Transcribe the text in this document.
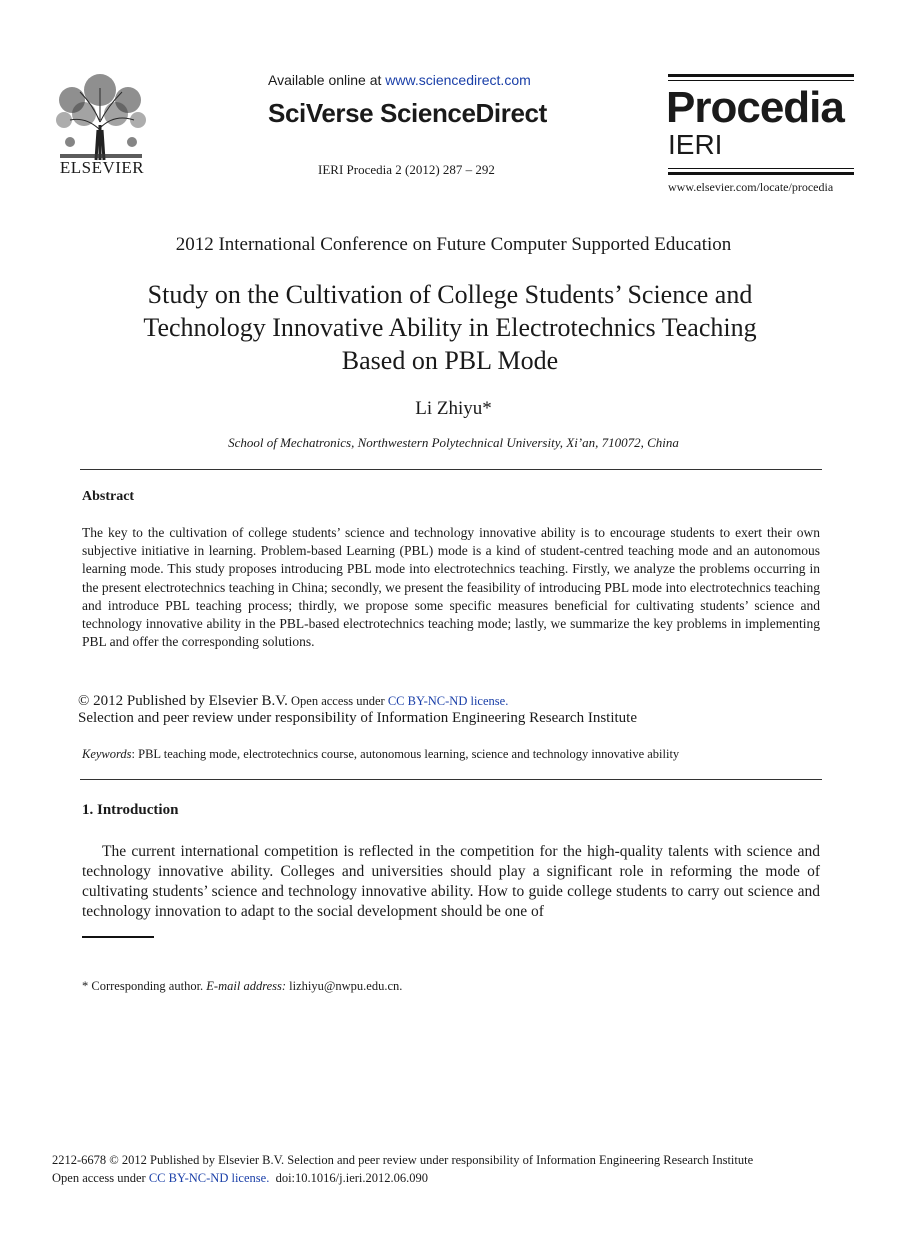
ELSEVIER
Available online at www.sciencedirect.com
SciVerse ScienceDirect
IERI Procedia 2 (2012) 287 – 292
Procedia
IERI
www.elsevier.com/locate/procedia
2012 International Conference on Future Computer Supported Education
Study on the Cultivation of College Students’ Science and
Technology Innovative Ability in Electrotechnics Teaching
Based on PBL Mode
Li Zhiyu*
School of Mechatronics, Northwestern Polytechnical University, Xi’an, 710072, China
Abstract
The key to the cultivation of college students’ science and technology innovative ability is to encourage students to exert their own subjective initiative in learning. Problem-based Learning (PBL) mode is a kind of student-centred teaching mode and an autonomous learning mode. This study proposes introducing PBL mode into electrotechnics teaching. Firstly, we analyze the problems occurring in the present electrotechnics teaching in China; secondly, we present the feasibility of introducing PBL mode into electrotechnics teaching and introduce PBL teaching process; thirdly, we propose some specific measures beneficial for cultivating students’ science and technology innovative ability in the PBL-based electrotechnics teaching mode; lastly, we summarize the key problems in implementing PBL and offer the corresponding solutions.
© 2012 Published by Elsevier B.V. Open access under CC BY-NC-ND license.
Selection and peer review under responsibility of Information Engineering Research Institute
Keywords: PBL teaching mode, electrotechnics course, autonomous learning, science and technology innovative ability
1. Introduction

The current international competition is reflected in the competition for the high-quality talents with science and technology innovative ability. Colleges and universities should play a significant role in reforming the mode of cultivating students’ science and technology innovative ability. How to guide college students to carry out science and technology innovation to adapt to the social development should be one of

* Corresponding author. E-mail address: lizhiyu@nwpu.edu.cn.
2212-6678 © 2012 Published by Elsevier B.V. Selection and peer review under responsibility of Information Engineering Research Institute
Open access under CC BY-NC-ND license. doi:10.1016/j.ieri.2012.06.090
